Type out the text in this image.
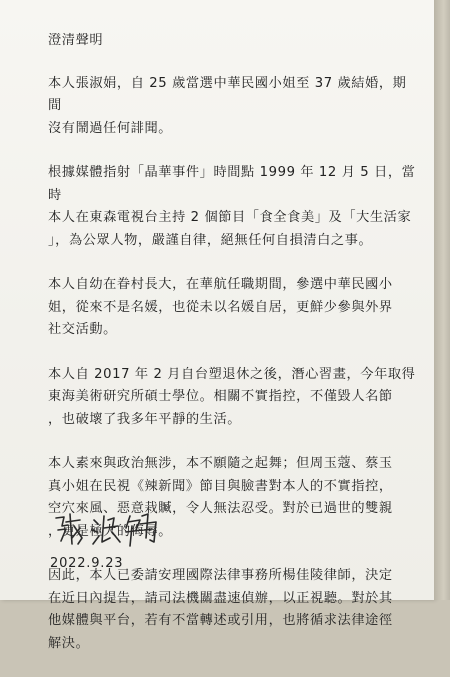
澄清聲明
本人張淑娟，自 25 歲當選中華民國小姐至 37 歲結婚，期間
沒有鬧過任何誹聞。
根據媒體指射「晶華事件」時間點 1999 年 12 月 5 日，當時
本人在東森電視台主持 2 個節目「食全食美」及「大生活家
」，為公眾人物，嚴謹自律，絕無任何自損清白之事。
本人自幼在眷村長大，在華航任職期間，參選中華民國小
姐，從來不是名媛，也從未以名媛自居，更鮮少參與外界
社交活動。
本人自 2017 年 2 月自台塑退休之後，潛心習畫，今年取得
東海美術研究所碩士學位。相關不實指控，不僅毀人名節
，也破壞了我多年平靜的生活。
本人素來與政治無涉，本不願隨之起舞；但周玉蔻、蔡玉
真小姐在民視《辣新聞》節目與臉書對本人的不實指控，
空穴來風、惡意栽贓，令人無法忍受。對於已過世的雙親
，更是極大的侮辱。
因此，本人已委請安理國際法律事務所楊佳陵律師，決定
在近日內提告，請司法機關盡速偵辦，以正視聽。對於其
他媒體與平台，若有不當轉述或引用，也將循求法律途徑
解決。
2022.9.23
